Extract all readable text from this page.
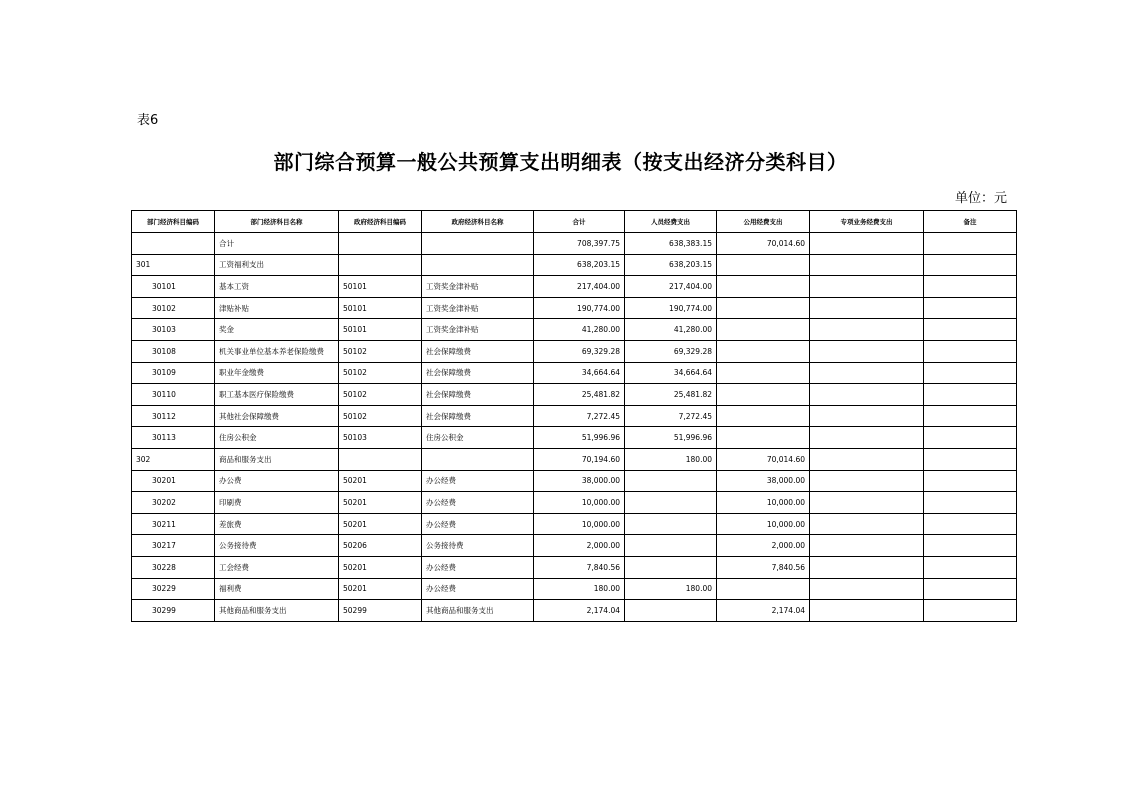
表6
部门综合预算一般公共预算支出明细表（按支出经济分类科目）
单位：元
部门经济科目编码	部门经济科目名称	政府经济科目编码	政府经济科目名称	合计	人员经费支出	公用经费支出	专项业务经费支出	备注
	合计			708,397.75	638,383.15	70,014.60		
301	工资福利支出			638,203.15	638,203.15			
30101	基本工资	50101	工资奖金津补贴	217,404.00	217,404.00			
30102	津贴补贴	50101	工资奖金津补贴	190,774.00	190,774.00			
30103	奖金	50101	工资奖金津补贴	41,280.00	41,280.00			
30108	机关事业单位基本养老保险缴费	50102	社会保障缴费	69,329.28	69,329.28			
30109	职业年金缴费	50102	社会保障缴费	34,664.64	34,664.64			
30110	职工基本医疗保险缴费	50102	社会保障缴费	25,481.82	25,481.82			
30112	其他社会保障缴费	50102	社会保障缴费	7,272.45	7,272.45			
30113	住房公积金	50103	住房公积金	51,996.96	51,996.96			
302	商品和服务支出			70,194.60	180.00	70,014.60		
30201	办公费	50201	办公经费	38,000.00		38,000.00		
30202	印刷费	50201	办公经费	10,000.00		10,000.00		
30211	差旅费	50201	办公经费	10,000.00		10,000.00		
30217	公务接待费	50206	公务接待费	2,000.00		2,000.00		
30228	工会经费	50201	办公经费	7,840.56		7,840.56		
30229	福利费	50201	办公经费	180.00	180.00			
30299	其他商品和服务支出	50299	其他商品和服务支出	2,174.04		2,174.04		
